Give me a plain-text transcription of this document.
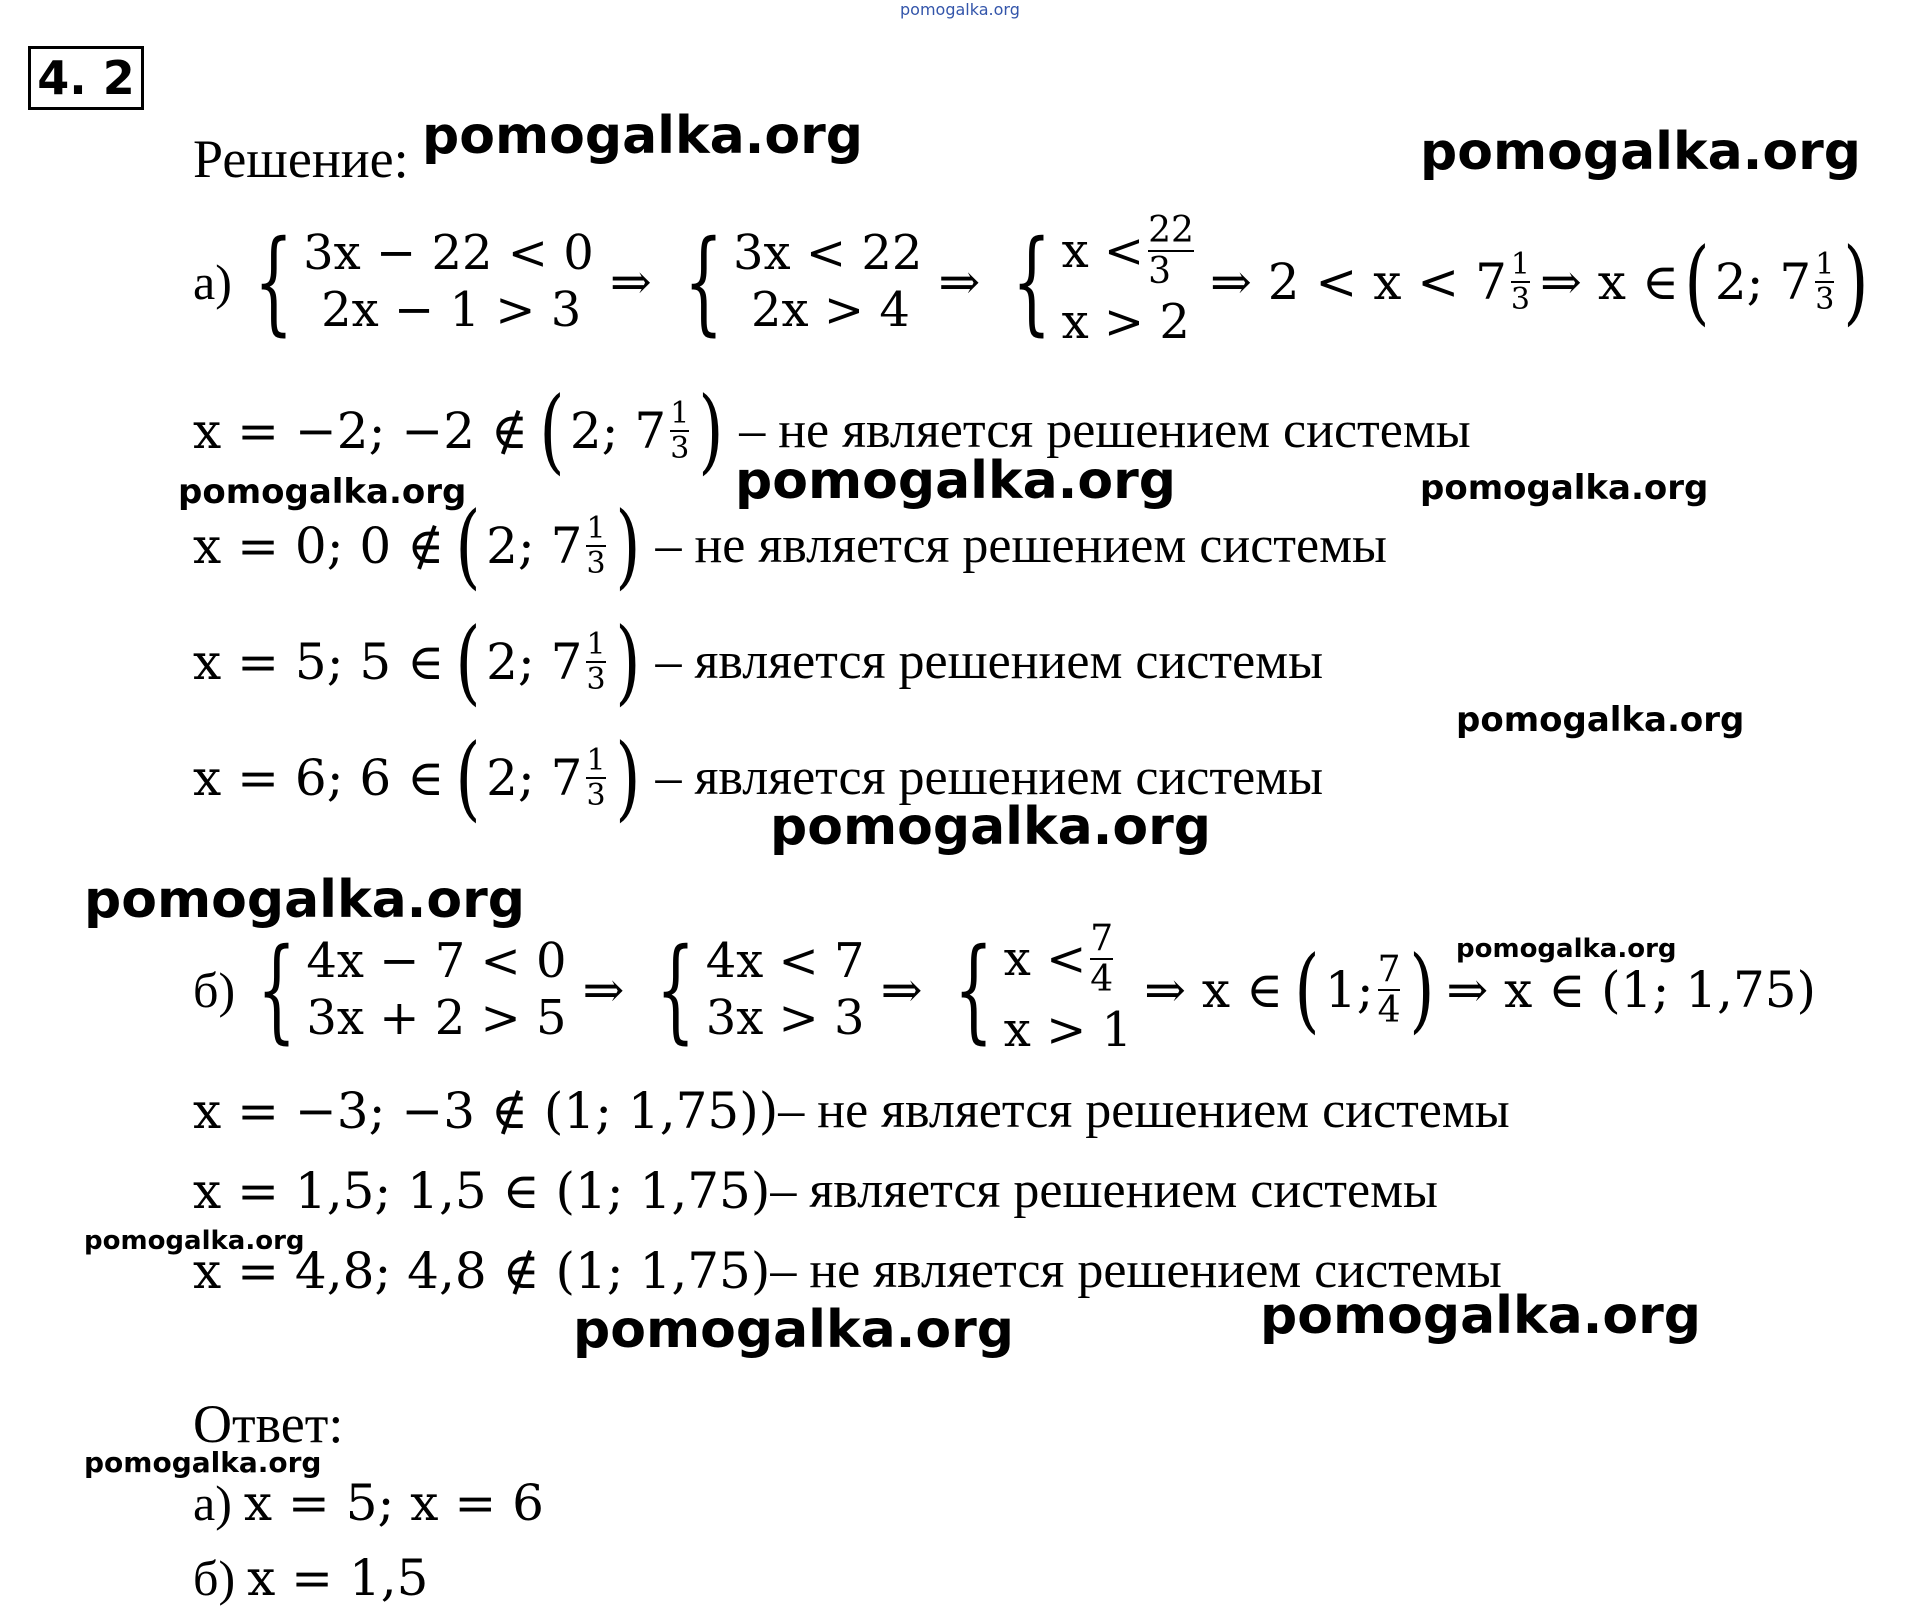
pomogalka.org
4. 2
Решение:
а) { 3x − 22 < 0
2x − 1 > 3 ⇒ { 3x < 22
2x > 4 ⇒ { $x < \frac{22}{3}$
x > 2
⇒ $2 < x < 7 \frac{1}{3}$ ⇒ x ∈ ( 2; $7 \frac{1}{3}$ )
x = −2; −2 ∉ ( 2; $7 \frac{1}{3}$ ) – не является решением системы
x = 0; 0 ∉ ( 2; $7 \frac{1}{3}$ ) – не является решением системы
x = 5; 5 ∈ ( 2; $7 \frac{1}{3}$ ) – является решением системы
x = 6; 6 ∈ ( 2; $7 \frac{1}{3}$ ) – является решением системы
б) { 4x − 7 < 0
3x + 2 > 5 ⇒ { 4x < 7
3x > 3 ⇒ { $x < \frac{7}{4}$
x > 1
⇒ x ∈ ( 1; $\frac{7}{4}$ ) ⇒ x ∈ (1; 1,75)
x = −3; −3 ∉ (1; 1,75)) – не является решением системы
x = 1,5; 1,5 ∈ (1; 1,75) – является решением системы
x = 4,8; 4,8 ∉ (1; 1,75) – не является решением системы
Ответ:
а) x = 5; x = 6
б) x = 1,5
pomogalka.org	pomogalka.org
pomogalka.org	pomogalka.org	pomogalka.org
pomogalka.org
pomogalka.org
pomogalka.org
pomogalka.org
pomogalka.org
pomogalka.org	pomogalka.org
pomogalka.org
